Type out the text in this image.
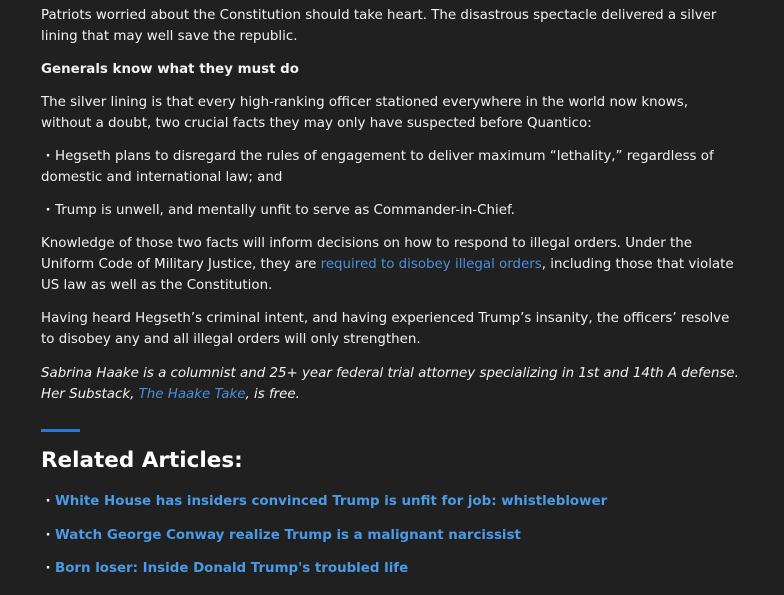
Patriots worried about the Constitution should take heart. The disastrous spectacle delivered a silver lining that may well save the republic.

Generals know what they must do

The silver lining is that every high-ranking officer stationed everywhere in the world now knows, without a doubt, two crucial facts they may only have suspected before Quantico:

· Hegseth plans to disregard the rules of engagement to deliver maximum “lethality,” regardless of domestic and international law; and
· Trump is unwell, and mentally unfit to serve as Commander-in-Chief.

Knowledge of those two facts will inform decisions on how to respond to illegal orders. Under the Uniform Code of Military Justice, they are required to disobey illegal orders, including those that violate US law as well as the Constitution.

Having heard Hegseth’s criminal intent, and having experienced Trump’s insanity, the officers’ resolve to disobey any and all illegal orders will only strengthen.

Sabrina Haake is a columnist and 25+ year federal trial attorney specializing in 1st and 14th A defense. Her Substack, The Haake Take, is free.

Related Articles:
· White House has insiders convinced Trump is unfit for job: whistleblower
· Watch George Conway realize Trump is a malignant narcissist
· Born loser: Inside Donald Trump's troubled life
